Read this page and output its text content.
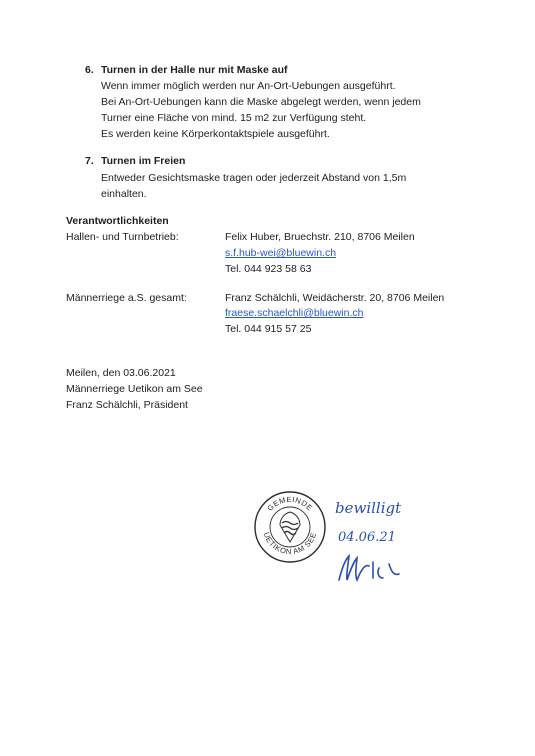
6. Turnen in der Halle nur mit Maske auf
Wenn immer möglich werden nur An-Ort-Uebungen ausgeführt.
Bei An-Ort-Uebungen kann die Maske abgelegt werden, wenn jedem
Turner eine Fläche von mind. 15 m2 zur Verfügung steht.
Es werden keine Körperkontaktspiele ausgeführt.
7. Turnen im Freien
Entweder Gesichtsmaske tragen oder jederzeit Abstand von 1,5m
einhalten.
Verantwortlichkeiten
Hallen- und Turnbetrieb:	Felix Huber, Bruechstr. 210, 8706 Meilen
s.f.hub-wei@bluewin.ch
Tel. 044 923 58 63
Männerriege a.S. gesamt:	Franz Schälchli, Weidächerstr. 20, 8706 Meilen
fraese.schaelchli@bluewin.ch
Tel. 044 915 57 25
Meilen, den 03.06.2021
Männerriege Uetikon am See
Franz Schälchli, Präsident
GEMEINDE
UETIKON AM SEE
bewilligt
04.06.21
